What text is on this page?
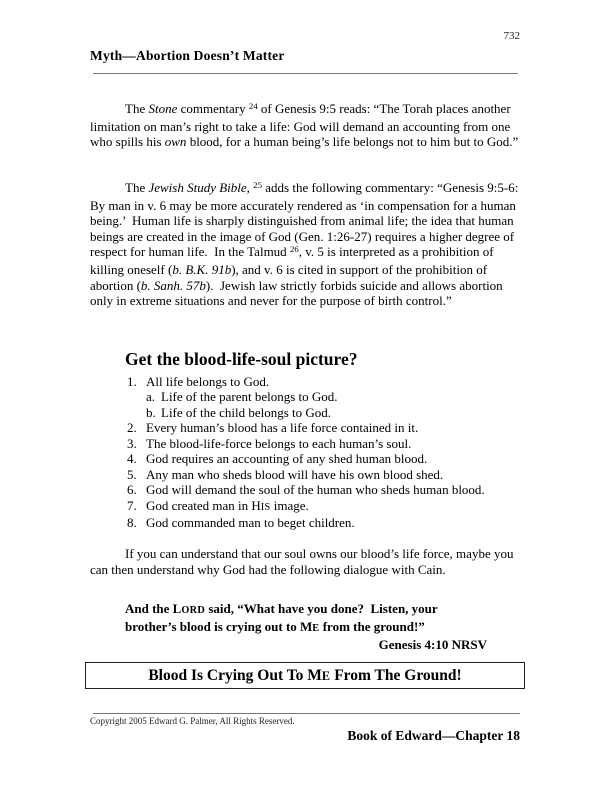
732
Myth—Abortion Doesn’t Matter
The Stone commentary $^{24}$ of Genesis 9:5 reads: “The Torah places another limitation on man’s right to take a life: God will demand an accounting from one who spills his own blood, for a human being’s life belongs not to him but to God.”
The Jewish Study Bible, $^{25}$ adds the following commentary: “Genesis 9:5-6: By man in v. 6 may be more accurately rendered as ‘in compensation for a human being.’  Human life is sharply distinguished from animal life; the idea that human beings are created in the image of God (Gen. 1:26-27) requires a higher degree of respect for human life.  In the Talmud $^{26}$, v. 5 is interpreted as a prohibition of killing oneself (b. B.K. 91b), and v. 6 is cited in support of the prohibition of abortion (b. Sanh. 57b).  Jewish law strictly forbids suicide and allows abortion only in extreme situations and never for the purpose of birth control.”
Get the blood-life-soul picture?
1. All life belongs to God.
a. Life of the parent belongs to God.
b. Life of the child belongs to God.
2. Every human’s blood has a life force contained in it.
3. The blood-life-force belongs to each human’s soul.
4. God requires an accounting of any shed human blood.
5. Any man who sheds blood will have his own blood shed.
6. God will demand the soul of the human who sheds human blood.
7. God created man in HIS image.
8. God commanded man to beget children.
If you can understand that our soul owns our blood’s life force, maybe you can then understand why God had the following dialogue with Cain.
And the LORD said, “What have you done?  Listen, your
brother’s blood is crying out to ME from the ground!”
Genesis 4:10 NRSV
Blood Is Crying Out To ME From The Ground!
Copyright 2005 Edward G. Palmer, All Rights Reserved.
Book of Edward—Chapter 18
